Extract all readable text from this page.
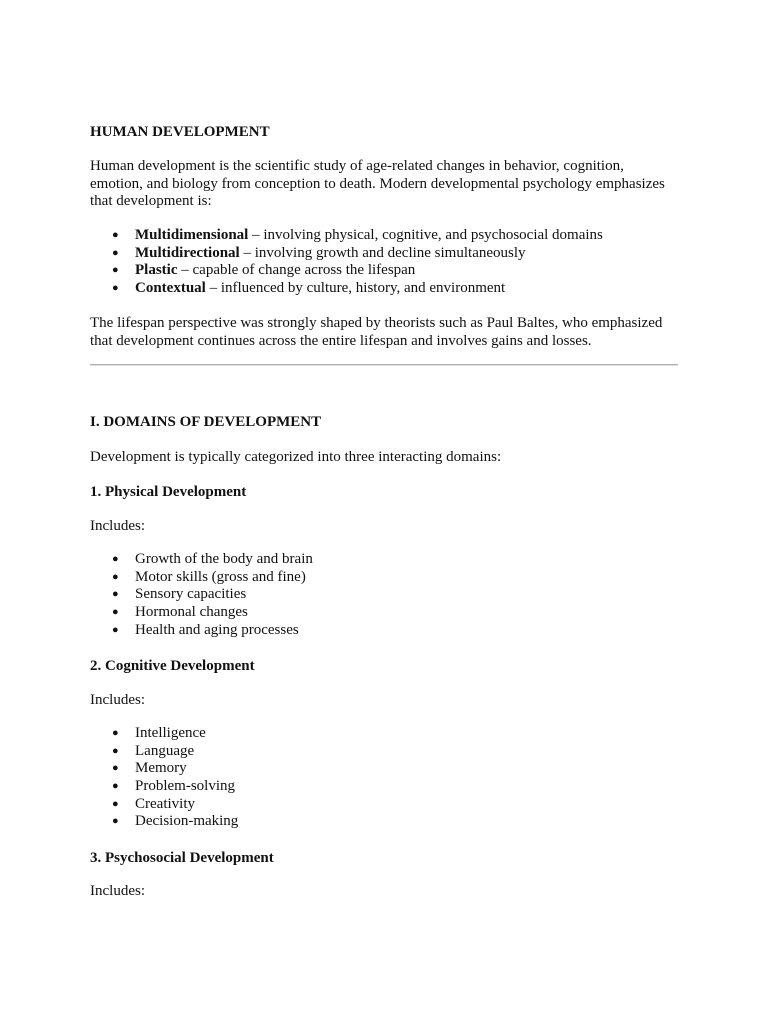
HUMAN DEVELOPMENT

Human development is the scientific study of age-related changes in behavior, cognition, emotion, and biology from conception to death. Modern developmental psychology emphasizes that development is:

● Multidimensional – involving physical, cognitive, and psychosocial domains
● Multidirectional – involving growth and decline simultaneously
● Plastic – capable of change across the lifespan
● Contextual – influenced by culture, history, and environment

The lifespan perspective was strongly shaped by theorists such as Paul Baltes, who emphasized that development continues across the entire lifespan and involves gains and losses.

I. DOMAINS OF DEVELOPMENT

Development is typically categorized into three interacting domains:

1. Physical Development

Includes:

● Growth of the body and brain
● Motor skills (gross and fine)
● Sensory capacities
● Hormonal changes
● Health and aging processes

2. Cognitive Development

Includes:

● Intelligence
● Language
● Memory
● Problem-solving
● Creativity
● Decision-making

3. Psychosocial Development

Includes:
